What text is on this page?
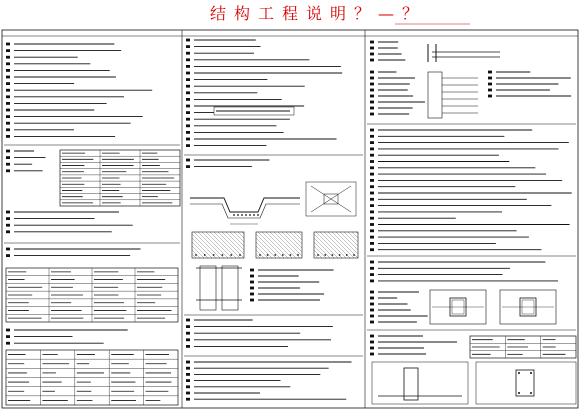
结构工程说明？—？
